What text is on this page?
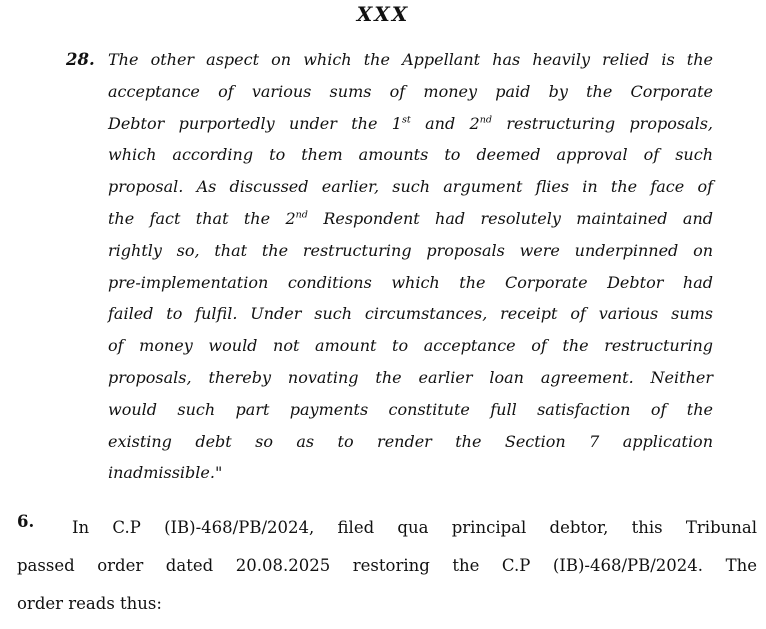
XXX
28. The other aspect on which the Appellant has heavily relied is the
acceptance of various sums of money paid by the Corporate
Debtor purportedly under the 1st and 2nd restructuring proposals,
which according to them amounts to deemed approval of such
proposal. As discussed earlier, such argument flies in the face of
the fact that the 2nd Respondent had resolutely maintained and
rightly so, that the restructuring proposals were underpinned on
pre-implementation conditions which the Corporate Debtor had
failed to fulfil. Under such circumstances, receipt of various sums
of money would not amount to acceptance of the restructuring
proposals, thereby novating the earlier loan agreement. Neither
would such part payments constitute full satisfaction of the
existing debt so as to render the Section 7 application
inadmissible."
6.	In C.P (IB)-468/PB/2024, filed qua principal debtor, this Tribunal
passed order dated 20.08.2025 restoring the C.P (IB)-468/PB/2024. The
order reads thus:
